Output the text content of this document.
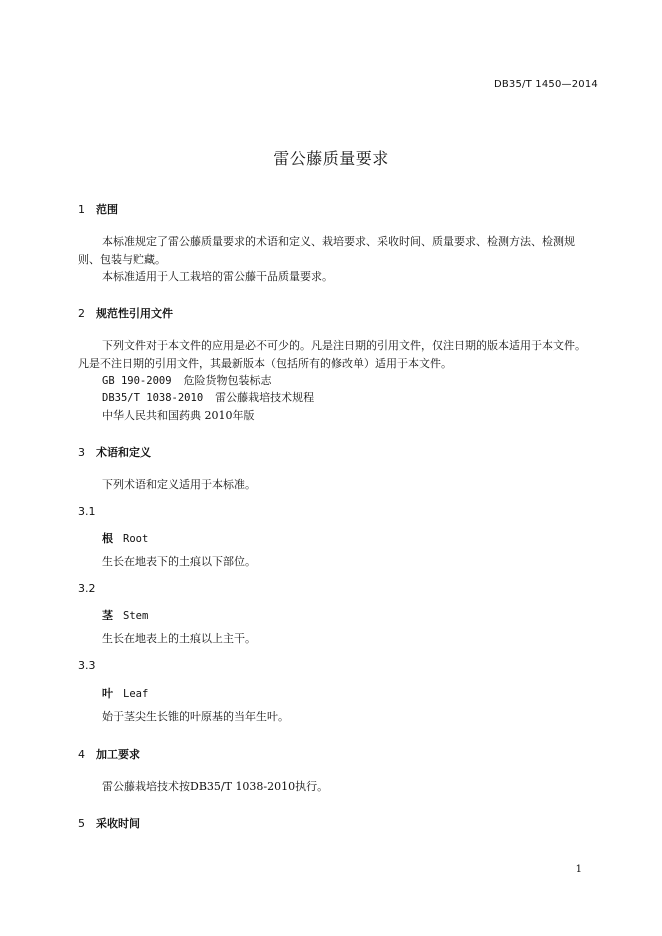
DB35/T 1450—2014
雷公藤质量要求
1 范围
本标准规定了雷公藤质量要求的术语和定义、栽培要求、采收时间、质量要求、检测方法、检测规
则、包装与贮藏。
本标准适用于人工栽培的雷公藤干品质量要求。
2 规范性引用文件
下列文件对于本文件的应用是必不可少的。凡是注日期的引用文件，仅注日期的版本适用于本文件。
凡是不注日期的引用文件，其最新版本（包括所有的修改单）适用于本文件。
GB 190-2009 危险货物包装标志
DB35/T 1038-2010 雷公藤栽培技术规程
中华人民共和国药典 2010年版
3 术语和定义
下列术语和定义适用于本标准。
3.1
根 Root
生长在地表下的土痕以下部位。
3.2
茎 Stem
生长在地表上的土痕以上主干。
3.3
叶 Leaf
始于茎尖生长锥的叶原基的当年生叶。
4 加工要求
雷公藤栽培技术按DB35/T 1038-2010执行。
5 采收时间
1
